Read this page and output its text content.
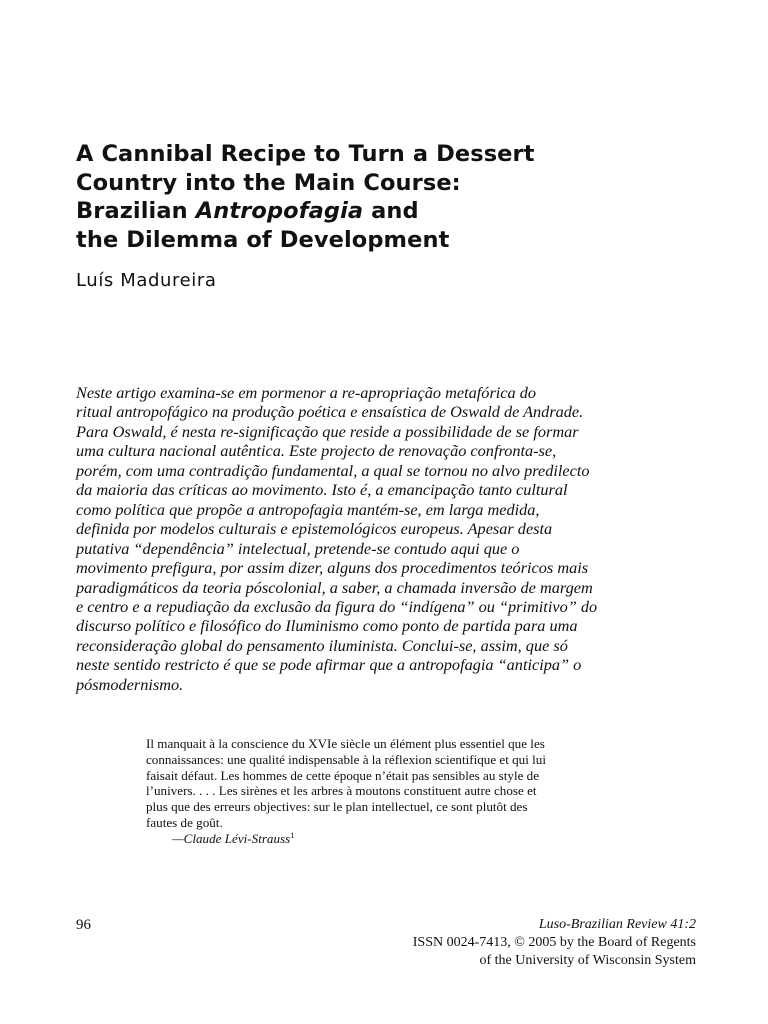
A Cannibal Recipe to Turn a Dessert
Country into the Main Course:
Brazilian Antropofagia and
the Dilemma of Development

Luís Madureira

Neste artigo examina-se em pormenor a re-apropriação metafórica do
ritual antropofágico na produção poética e ensaística de Oswald de Andrade.
Para Oswald, é nesta re-significação que reside a possibilidade de se formar
uma cultura nacional autêntica. Este projecto de renovação confronta-se,
porém, com uma contradição fundamental, a qual se tornou no alvo predilecto
da maioria das críticas ao movimento. Isto é, a emancipação tanto cultural
como política que propõe a antropofagia mantém-se, em larga medida,
definida por modelos culturais e epistemológicos europeus. Apesar desta
putativa “dependência” intelectual, pretende-se contudo aqui que o
movimento prefigura, por assim dizer, alguns dos procedimentos teóricos mais
paradigmáticos da teoria póscolonial, a saber, a chamada inversão de margem
e centro e a repudiação da exclusão da figura do “indígena” ou “primitivo” do
discurso político e filosófico do Iluminismo como ponto de partida para uma
reconsideração global do pensamento iluminista. Conclui-se, assim, que só
neste sentido restricto é que se pode afirmar que a antropofagia “anticipa” o
pósmodernismo.

Il manquait à la conscience du XVIe siècle un élément plus essentiel que les
connaissances: une qualité indispensable à la réflexion scientifique et qui lui
faisait défaut. Les hommes de cette époque n’était pas sensibles au style de
l’univers. . . . Les sirènes et les arbres à moutons constituent autre chose et
plus que des erreurs objectives: sur le plan intellectuel, ce sont plutôt des
fautes de goût.
—Claude Lévi-Strauss$^1$

96	Luso-Brazilian Review 41:2
ISSN 0024-7413, © 2005 by the Board of Regents
of the University of Wisconsin System
